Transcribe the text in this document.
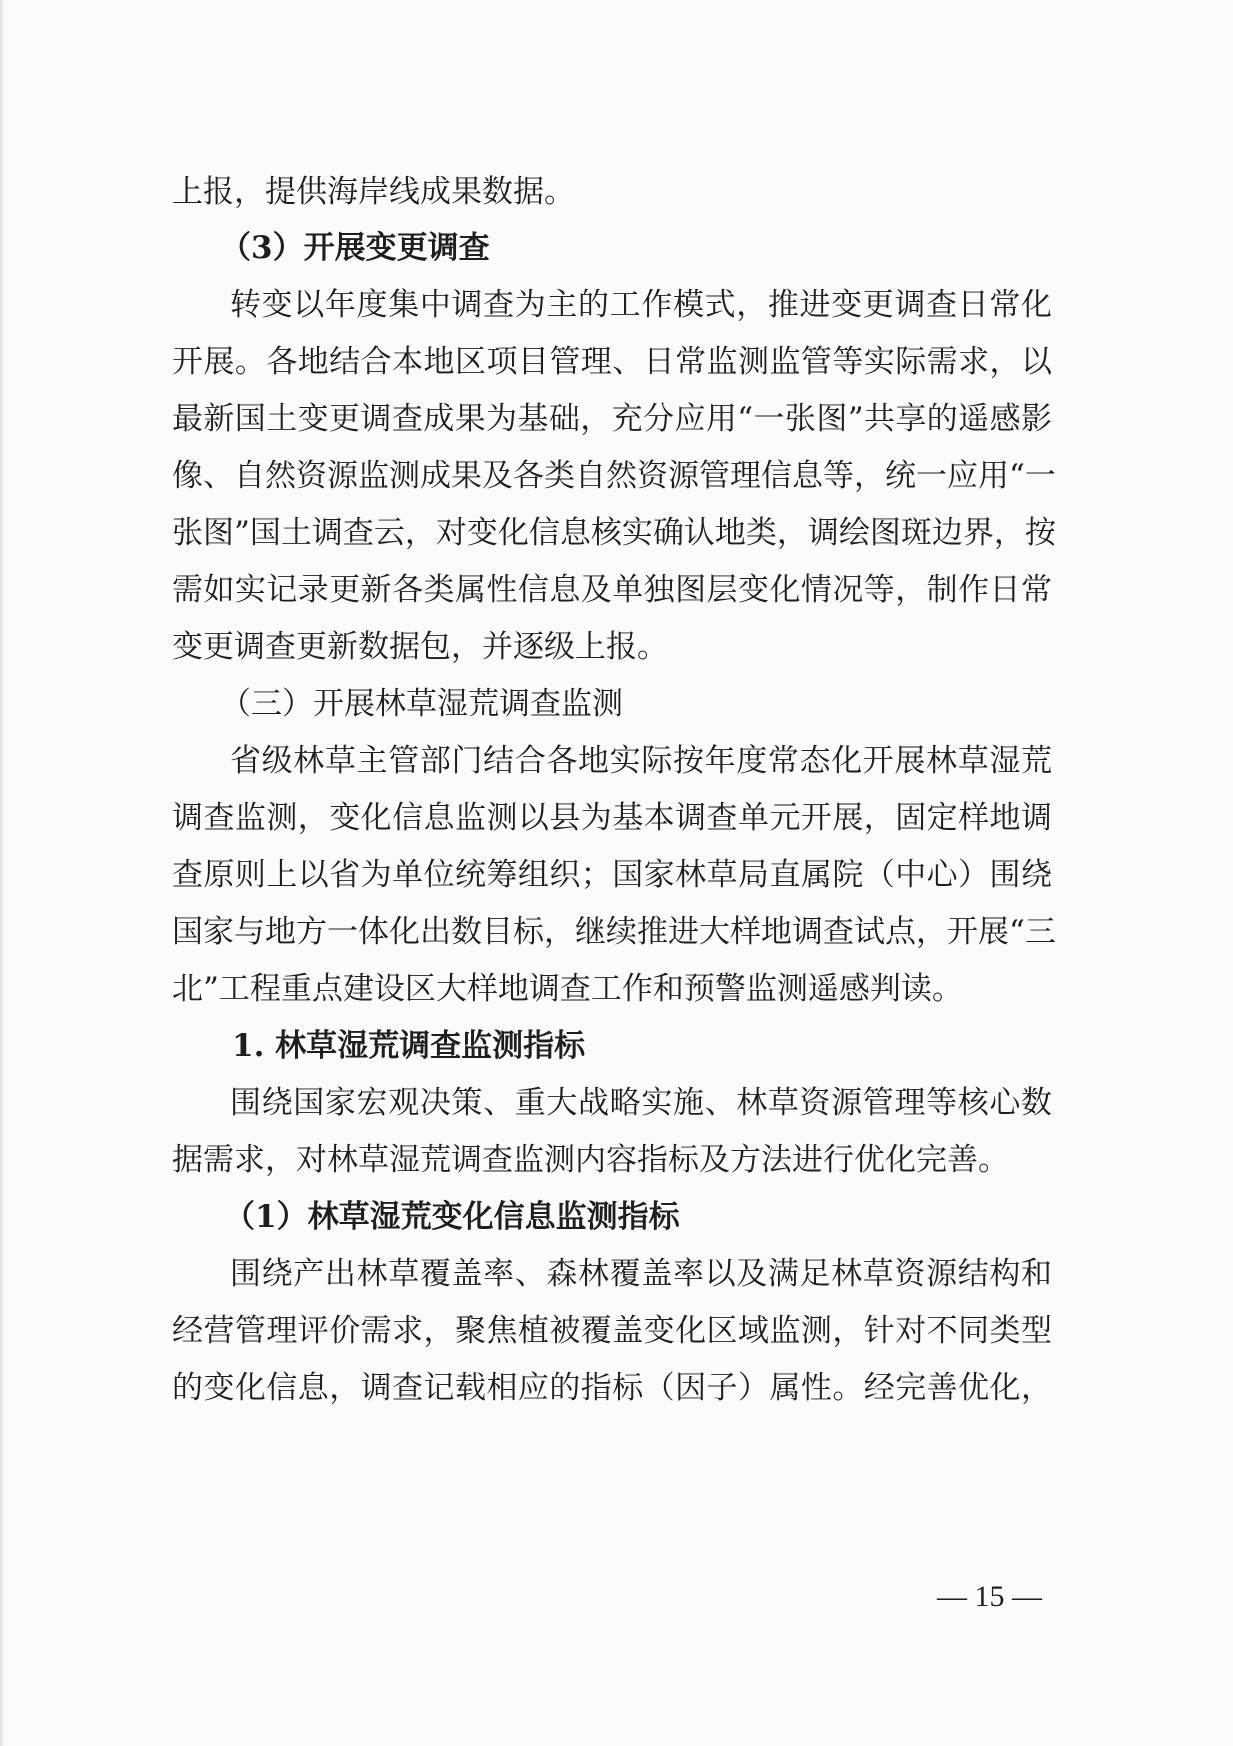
上报，提供海岸线成果数据。
（3）开展变更调查
转变以年度集中调查为主的工作模式，推进变更调查日常化
开展。各地结合本地区项目管理、日常监测监管等实际需求，以
最新国土变更调查成果为基础，充分应用“一张图”共享的遥感影
像、自然资源监测成果及各类自然资源管理信息等，统一应用“一
张图”国土调查云，对变化信息核实确认地类，调绘图斑边界，按
需如实记录更新各类属性信息及单独图层变化情况等，制作日常
变更调查更新数据包，并逐级上报。
（三）开展林草湿荒调查监测
省级林草主管部门结合各地实际按年度常态化开展林草湿荒
调查监测，变化信息监测以县为基本调查单元开展，固定样地调
查原则上以省为单位统筹组织；国家林草局直属院（中心）围绕
国家与地方一体化出数目标，继续推进大样地调查试点，开展“三
北”工程重点建设区大样地调查工作和预警监测遥感判读。
1. 林草湿荒调查监测指标
围绕国家宏观决策、重大战略实施、林草资源管理等核心数
据需求，对林草湿荒调查监测内容指标及方法进行优化完善。
（1）林草湿荒变化信息监测指标
围绕产出林草覆盖率、森林覆盖率以及满足林草资源结构和
经营管理评价需求，聚焦植被覆盖变化区域监测，针对不同类型
的变化信息，调查记载相应的指标（因子）属性。经完善优化，
— 15 —
